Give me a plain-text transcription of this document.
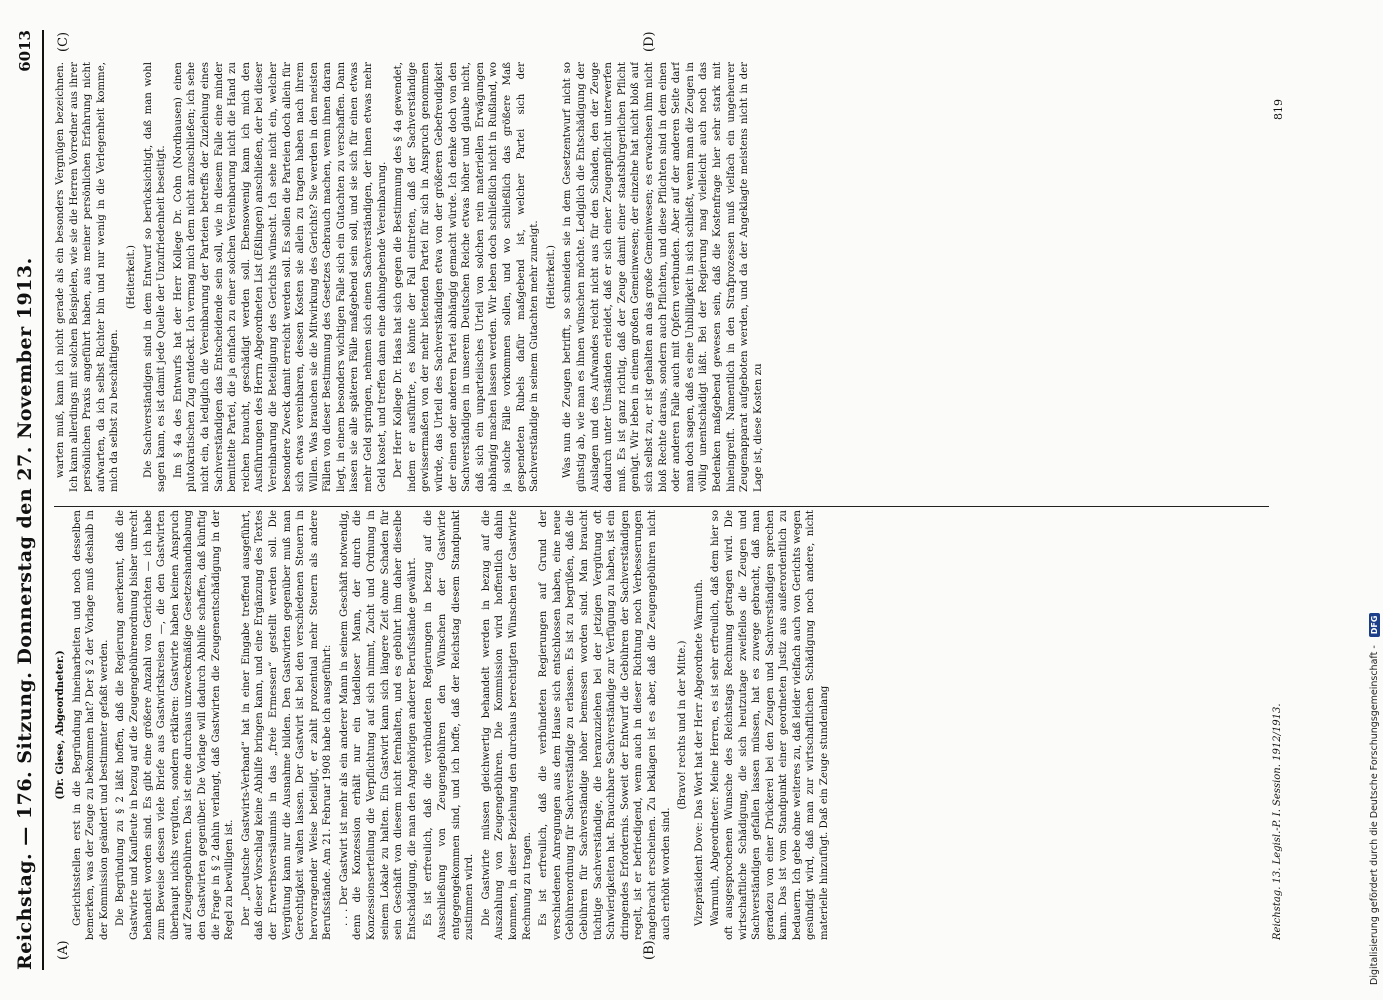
Reichstag. — 176. Sitzung. Donnerstag den 27. November 1913.
6013
(A)	(B)
(C)	(D)

(Dr. Giese, Abgeordneter.) Gerichtsstellen erst in die Begründung hineinarbeiten und noch desselben bemerken, was der Zeuge zu bekommen hat? Der § 2 der Vorlage muß deshalb in der Kommission geändert und bestimmter gefaßt werden. Die Begründung zu § 2 läßt hoffen, daß die Regierung anerkennt, daß die Gastwirte und Kaufleute in bezug auf die Zeugengebührenordnung bisher unrecht behandelt worden sind. Es gibt eine größere Anzahl von Gerichten — ich habe zum Beweise dessen viele Briefe aus Gastwirtskreisen —, die den Gastwirten überhaupt nichts vergüten, sondern erklären: Gastwirte haben keinen Anspruch auf Zeugengebühren. Das ist eine durchaus unzweckmäßige Gesetzeshandhabung den Gastwirten gegenüber. Die Vorlage will dadurch Abhilfe schaffen, daß künftig die Frage in § 2 dahin verlangt, daß Gastwirten die Zeugenentschädigung in der Regel zu bewilligen ist. Der „Deutsche Gastwirts-Verband“ hat in einer Eingabe treffend ausgeführt, daß dieser Vorschlag keine Abhilfe bringen kann, und eine Ergänzung des Textes der Erwerbsversäumnis in das „freie Ermessen“ gestellt werden soll. Die Vergütung kann nur die Ausnahme bilden. Den Gastwirten gegenüber muß man Gerechtigkeit walten lassen. Der Gastwirt ist bei den verschiedenen Steuern in hervorragender Weise beteiligt, er zahlt prozentual mehr Steuern als andere Berufsstände. Am 21. Februar 1908 habe ich ausgeführt: . . . Der Gastwirt ist mehr als ein anderer Mann in seinem Geschäft notwendig, denn die Konzession erhält nur ein tadelloser Mann, der durch die Konzessionserteilung die Verpflichtung auf sich nimmt, Zucht und Ordnung in seinem Lokale zu halten. Ein Gastwirt kann sich längere Zeit ohne Schaden für sein Geschäft von diesem nicht fernhalten, und es gebührt ihm daher dieselbe Entschädigung, die man den Angehörigen anderer Berufsstände gewährt. Es ist erfreulich, daß die verbündeten Regierungen in bezug auf die Ausschließung von Zeugengebühren den Wünschen der Gastwirte entgegengekommen sind, und ich hoffe, daß der Reichstag diesem Standpunkt zustimmen wird. Die Gastwirte müssen gleichwertig behandelt werden in bezug auf die Auszahlung von Zeugengebühren. Die Kommission wird hoffentlich dahin kommen, in dieser Beziehung den durchaus berechtigten Wünschen der Gastwirte Rechnung zu tragen. Es ist erfreulich, daß die verbündeten Regierungen auf Grund der verschiedenen Anregungen aus dem Hause sich entschlossen haben, eine neue Gebührenordnung für Sachverständige zu erlassen. Es ist zu begrüßen, daß die Gebühren für Sachverständige höher bemessen worden sind. Man braucht tüchtige Sachverständige, die heranzuziehen bei der jetzigen Vergütung oft Schwierigkeiten hat. Brauchbare Sachverständige zur Verfügung zu haben, ist ein dringendes Erfordernis. Soweit der Entwurf die Gebühren der Sachverständigen regelt, ist er befriedigend, wenn auch in dieser Richtung noch Verbesserungen angebracht erscheinen. Zu beklagen ist es aber, daß die Zeugengebühren nicht auch erhöht worden sind.

(Bravo! rechts und in der Mitte.) Vizepräsident Dove: Das Wort hat der Herr Abgeordnete Warmuth. Warmuth, Abgeordneter: Meine Herren, es ist sehr erfreulich, daß dem hier so oft ausgesprochenen Wunsche des Reichstags Rechnung getragen wird. Die wirtschaftliche Schädigung, die sich heutzutage zweifellos die Zeugen und Sachverständigen gefallen lassen müssen, hat es zuwege gebracht, daß man geradezu von einer Drückerei bei den Zeugen und Sachverständigen sprechen kann. Das ist vom Standpunkt einer geordneten Justiz aus außerordentlich zu bedauern. Ich gebe ohne weiteres zu, daß leider vielfach auch von Gerichts wegen gesündigt wird, daß man zur wirtschaftlichen Schädigung noch andere, nicht materielle hinzufügt. Daß ein Zeuge stundenlang

warten muß, kann ich nicht gerade als ein besonders Vergnügen bezeichnen. Ich kann allerdings mit solchen Beispielen, wie sie die Herren Vorredner aus ihrer persönlichen Praxis angeführt haben, aus meiner persönlichen Erfahrung nicht aufwarten, da ich selbst Richter bin und nur wenig in die Verlegenheit komme, mich da selbst zu beschäftigen.

(Heiterkeit.) Die Sachverständigen sind in dem Entwurf so berücksichtigt, daß man wohl sagen kann, es ist damit jede Quelle der Unzufriedenheit beseitigt. Im § 4a des Entwurfs hat der Herr Kollege Dr. Cohn (Nordhausen) einen plutokratischen Zug entdeckt. Ich vermag mich dem nicht anzuschließen; ich sehe nicht ein, da lediglich die Vereinbarung der Parteien betreffs der Zuziehung eines Sachverständigen das Entscheidende sein soll, wie in diesem Falle eine minder bemittelte Partei, die ja einfach zu einer solchen Vereinbarung nicht die Hand zu reichen braucht, geschädigt werden soll. Ebensowenig kann ich mich den Ausführungen des Herrn Abgeordneten List (Eßlingen) anschließen, der bei dieser Vereinbarung die Beteiligung des Gerichts wünscht. Ich sehe nicht ein, welcher besondere Zweck damit erreicht werden soll. Es sollen die Parteien doch allein für sich etwas vereinbaren, dessen Kosten sie allein zu tragen haben nach ihrem Willen. Was brauchen sie die Mitwirkung des Gerichts? Sie werden in den meisten Fällen von dieser Bestimmung des Gesetzes Gebrauch machen, wenn ihnen daran liegt, in einem besonders wichtigen Falle sich ein Gutachten zu verschaffen. Dann lassen sie alle späteren Fälle maßgebend sein soll, und sie sich für einen etwas mehr Geld springen, nehmen sich einen Sachverständigen, der ihnen etwas mehr Geld kostet, und treffen dann eine dahingehende Vereinbarung. Der Herr Kollege Dr. Haas hat sich gegen die Bestimmung des § 4a gewendet, indem er ausführte, es könnte der Fall eintreten, daß der Sachverständige gewissermaßen von der mehr bietenden Partei für sich in Anspruch genommen würde, das Urteil des Sachverständigen etwa von der größeren Gebefreudigkeit der einen oder anderen Partei abhängig gemacht würde. Ich denke doch von den Sachverständigen in unserem Deutschen Reiche etwas höher und glaube nicht, daß sich ein unparteiisches Urteil von solchen rein materiellen Erwägungen abhängig machen lassen werden. Wir leben doch schließlich nicht in Rußland, wo ja solche Fälle vorkommen sollen, und wo schließlich das größere Maß gespendeten Rubels dafür maßgebend ist, welcher Partei sich der Sachverständige in seinem Gutachten mehr zuneigt. (Heiterkeit.) Was nun die Zeugen betrifft, so schneiden sie in dem Gesetzentwurf nicht so günstig ab, wie man es ihnen wünschen möchte. Lediglich die Entschädigung der Auslagen und des Aufwandes reicht nicht aus für den Schaden, den der Zeuge dadurch unter Umständen erleidet, daß er sich einer Zeugenpflicht unterwerfen muß. Es ist ganz richtig, daß der Zeuge damit einer staatsbürgerlichen Pflicht genügt. Wir leben in einem großen Gemeinwesen; der einzelne hat nicht bloß auf sich selbst zu, er ist gehalten an das große Gemeinwesen; es erwachsen ihm nicht bloß Rechte daraus, sondern auch Pflichten, und diese Pflichten sind in dem einen oder anderen Falle auch mit Opfern verbunden. Aber auf der anderen Seite darf man doch sagen, daß es eine Unbilligkeit in sich schließt, wenn man die Zeugen in völlig unentschädigt läßt. Bei der Regierung mag vielleicht auch noch das Bedenken maßgebend gewesen sein, daß die Kostenfrage hier sehr stark mit hineingreift. Namentlich in den Strafprozessen muß vielfach ein ungeheurer Zeugenapparat aufgeboten werden, und da der Angeklagte meistens nicht in der Lage ist, diese Kosten zu

Reichstag. 13. Legisl.-P. I. Session. 1912/1913.
819
Digitalisierung gefördert durch die Deutsche Forschungsgemeinschaft -
DFG
